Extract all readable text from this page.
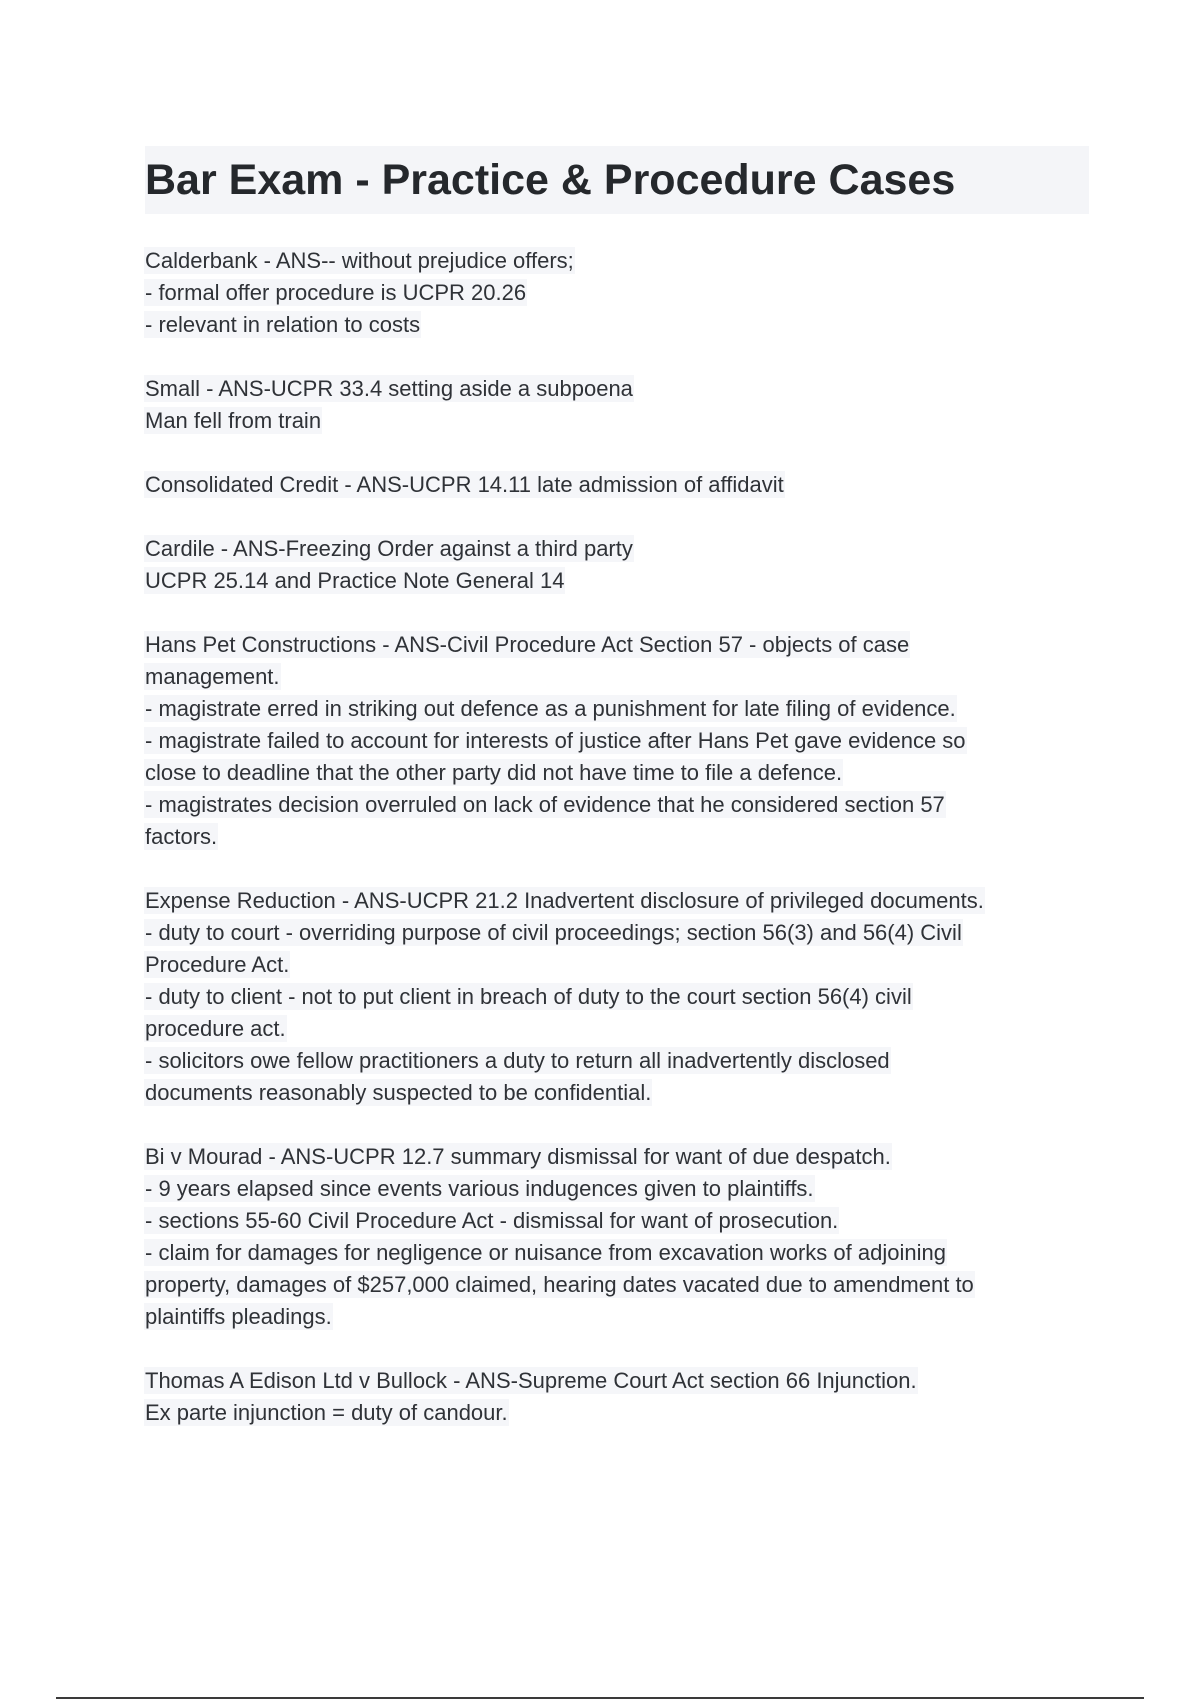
Bar Exam - Practice & Procedure Cases
Calderbank - ANS-- without prejudice offers;
- formal offer procedure is UCPR 20.26
- relevant in relation to costs
Small - ANS-UCPR 33.4 setting aside a subpoena
Man fell from train
Consolidated Credit - ANS-UCPR 14.11 late admission of affidavit
Cardile - ANS-Freezing Order against a third party
UCPR 25.14 and Practice Note General 14
Hans Pet Constructions - ANS-Civil Procedure Act Section 57 - objects of case
management.
- magistrate erred in striking out defence as a punishment for late filing of evidence.
- magistrate failed to account for interests of justice after Hans Pet gave evidence so
close to deadline that the other party did not have time to file a defence.
- magistrates decision overruled on lack of evidence that he considered section 57
factors.
Expense Reduction - ANS-UCPR 21.2 Inadvertent disclosure of privileged documents.
- duty to court - overriding purpose of civil proceedings; section 56(3) and 56(4) Civil
Procedure Act.
- duty to client - not to put client in breach of duty to the court section 56(4) civil
procedure act.
- solicitors owe fellow practitioners a duty to return all inadvertently disclosed
documents reasonably suspected to be confidential.
Bi v Mourad - ANS-UCPR 12.7 summary dismissal for want of due despatch.
- 9 years elapsed since events various indugences given to plaintiffs.
- sections 55-60 Civil Procedure Act - dismissal for want of prosecution.
- claim for damages for negligence or nuisance from excavation works of adjoining
property, damages of $257,000 claimed, hearing dates vacated due to amendment to
plaintiffs pleadings.
Thomas A Edison Ltd v Bullock - ANS-Supreme Court Act section 66 Injunction.
Ex parte injunction = duty of candour.
